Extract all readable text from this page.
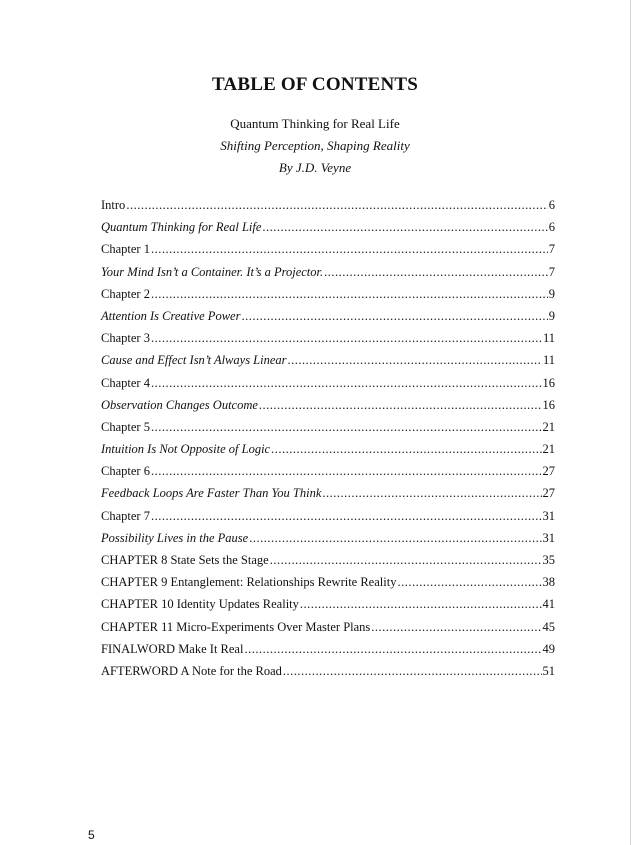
TABLE OF CONTENTS
Quantum Thinking for Real Life
Shifting Perception, Shaping Reality
By J.D. Veyne
Intro .....	6
Quantum Thinking for Real Life .....	6
Chapter 1 .....	7
Your Mind Isn’t a Container. It’s a Projector. .....	7
Chapter 2 .....	9
Attention Is Creative Power .....	9
Chapter 3 .....	11
Cause and Effect Isn’t Always Linear .....	11
Chapter 4 .....	16
Observation Changes Outcome .....	16
Chapter 5 .....	21
Intuition Is Not Opposite of Logic .....	21
Chapter 6 .....	27
Feedback Loops Are Faster Than You Think .....	27
Chapter 7 .....	31
Possibility Lives in the Pause .....	31
CHAPTER 8 State Sets the Stage .....	35
CHAPTER 9 Entanglement: Relationships Rewrite Reality .....	38
CHAPTER 10 Identity Updates Reality .....	41
CHAPTER 11 Micro-Experiments Over Master Plans .....	45
FINALWORD Make It Real .....	49
AFTERWORD A Note for the Road .....	51
5
